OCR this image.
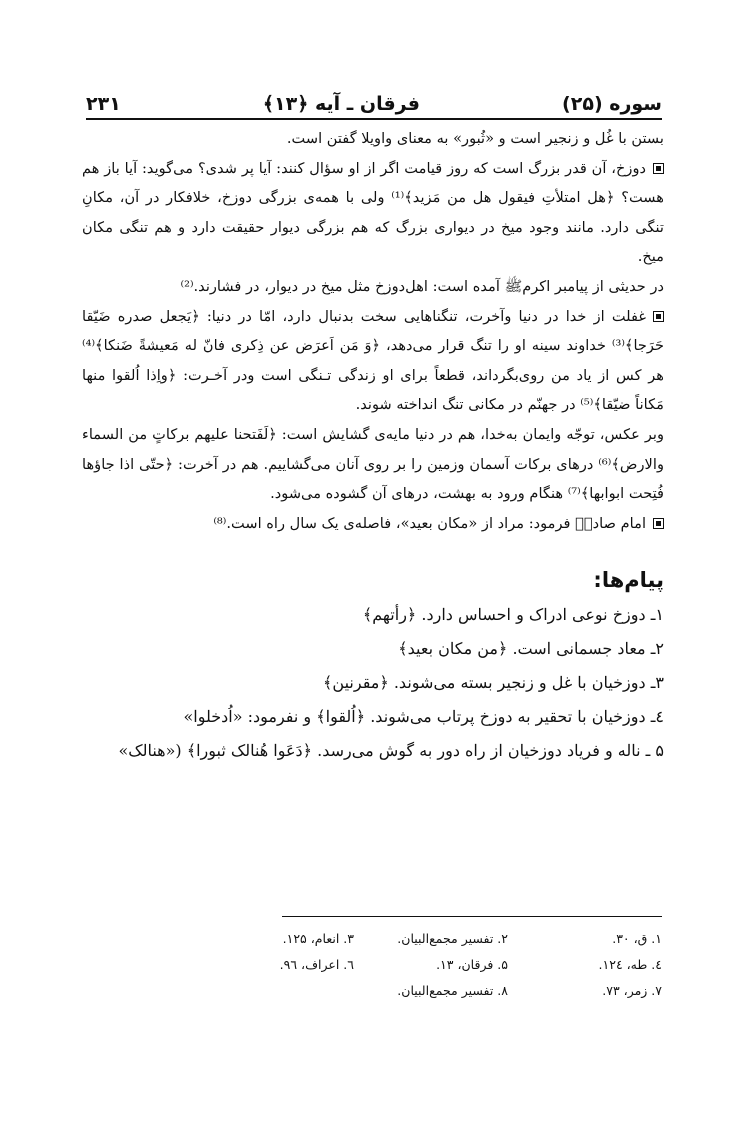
سوره (۲۵)
فرقان ـ آیه ﴿۱۳﴾
۲۳۱

بستن با غُل و زنجیر است و «ثُبور» به معنای واویلا گفتن است.

دوزخ، آن قدر بزرگ است که روز قیامت اگر از او سؤال کنند: آیا پر شدی؟ می‌گوید: آیا باز هم هست؟ ﴿هل امتلأتِ فیقول هل من مَزید﴾⁽¹⁾ ولی با همه‌ی بزرگی دوزخ، خلافکار در آن، مکانِ تنگی دارد. مانند وجود میخ در دیواری بزرگ که هم بزرگی دیوار حقیقت دارد و هم تنگی مکان میخ.

در حدیثی از پیامبر اکرمﷺ آمده است: اهل‌دوزخ مثل میخ در دیوار، در فشارند.⁽²⁾

غفلت از خدا در دنیا وآخرت، تنگناهایی سخت بدنبال دارد، امّا در دنیا: ﴿یَجعل صدره ضَیّقا حَرَجا﴾⁽³⁾ خداوند سینه او را تنگ قرار می‌دهد، ﴿وَ مَن اَعرَض عن ذِکری فانّ له مَعیشةً ضَنکا﴾⁽⁴⁾ هر کس از یاد من روی‌بگرداند، قطعاً برای او زندگی تـنگی است ودر آخـرت: ﴿واِذا اُلقوا منها مَکاناً ضیّقا﴾⁽⁵⁾ در جهنّم در مکانی تنگ انداخته شوند.

وبر عکس، توجّه وایمان به‌خدا، هم در دنیا مایه‌ی گشایش است: ﴿لَفَتحنا علیهم برکاتٍ من السماء والارض﴾⁽⁶⁾ درهای برکات آسمان وزمین را بر روی آنان می‌گشاییم. هم در آخرت: ﴿حتّی اذا جاؤها فُتِحت ابوابها﴾⁽⁷⁾ هنگام ورود به بهشت، درهای آن گشوده می‌شود.

امام صادقؑ فرمود: مراد از «مکان بعید»، فاصله‌ی یک سال راه است.⁽⁸⁾

پیام‌ها:

۱ـ دوزخ نوعی ادراک و احساس دارد. ﴿رأتهم﴾

۲ـ معاد جسمانی است. ﴿من مکان بعید﴾

۳ـ دوزخیان با غل و زنجیر بسته می‌شوند. ﴿مقرنین﴾

٤ـ دوزخیان با تحقیر به دوزخ پرتاب می‌شوند. ﴿اُلقوا﴾ و نفرمود: «اُدخلوا»

۵ ـ ناله و فریاد دوزخیان از راه دور به گوش می‌رسد. ﴿دَعَوا هُنالک ثبورا﴾ («هنالک»

۱. ق، ۳۰.
۲. تفسیر مجمع‌البیان.
۳. انعام، ۱۲۵.
٤. طه، ۱۲٤.
۵. فرقان، ۱۳.
٦. اعراف، ۹٦.
۷. زمر، ۷۳.
۸. تفسیر مجمع‌البیان.
